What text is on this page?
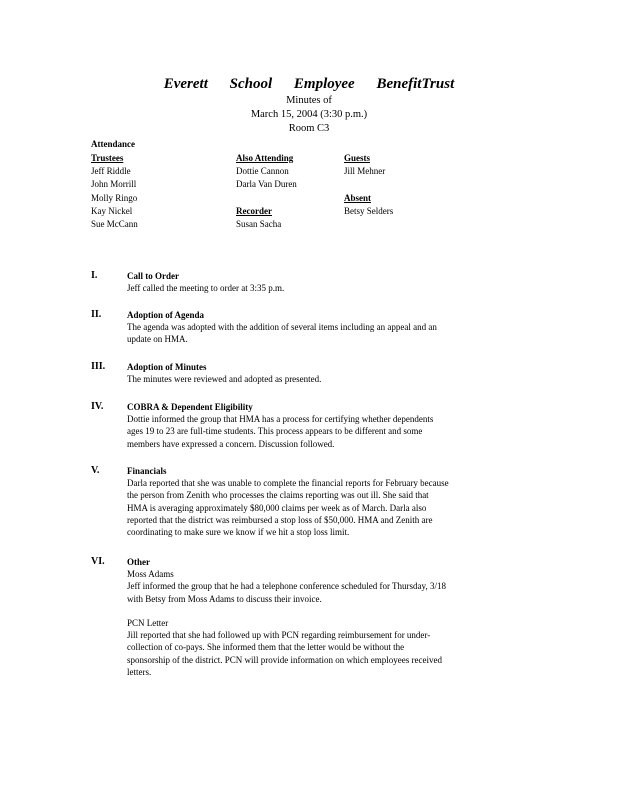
Everett School Employee BenefitTrust
Minutes of
March 15, 2004 (3:30 p.m.)
Room C3
Attendance
Trustees
Jeff Riddle
John Morrill
Molly Ringo
Kay Nickel
Sue McCann
Also Attending
Dottie Cannon
Darla Van Duren

Recorder
Susan Sacha
Guests
Jill Mehner

Absent
Betsy Selders
I.	Call to Order
Jeff called the meeting to order at 3:35 p.m.
II.	Adoption of Agenda
The agenda was adopted with the addition of several items including an appeal and an
update on HMA.
III. Adoption of Minutes
The minutes were reviewed and adopted as presented.
IV.	COBRA & Dependent Eligibility
Dottie informed the group that HMA has a process for certifying whether dependents
ages 19 to 23 are full-time students. This process appears to be different and some
members have expressed a concern. Discussion followed.
V.	Financials
Darla reported that she was unable to complete the financial reports for February because
the person from Zenith who processes the claims reporting was out ill. She said that
HMA is averaging approximately $80,000 claims per week as of March. Darla also
reported that the district was reimbursed a stop loss of $50,000. HMA and Zenith are
coordinating to make sure we know if we hit a stop loss limit.
VI. Other
Moss Adams
Jeff informed the group that he had a telephone conference scheduled for Thursday, 3/18
with Betsy from Moss Adams to discuss their invoice.

PCN Letter
Jill reported that she had followed up with PCN regarding reimbursement for under-
collection of co-pays. She informed them that the letter would be without the
sponsorship of the district. PCN will provide information on which employees received
letters.
